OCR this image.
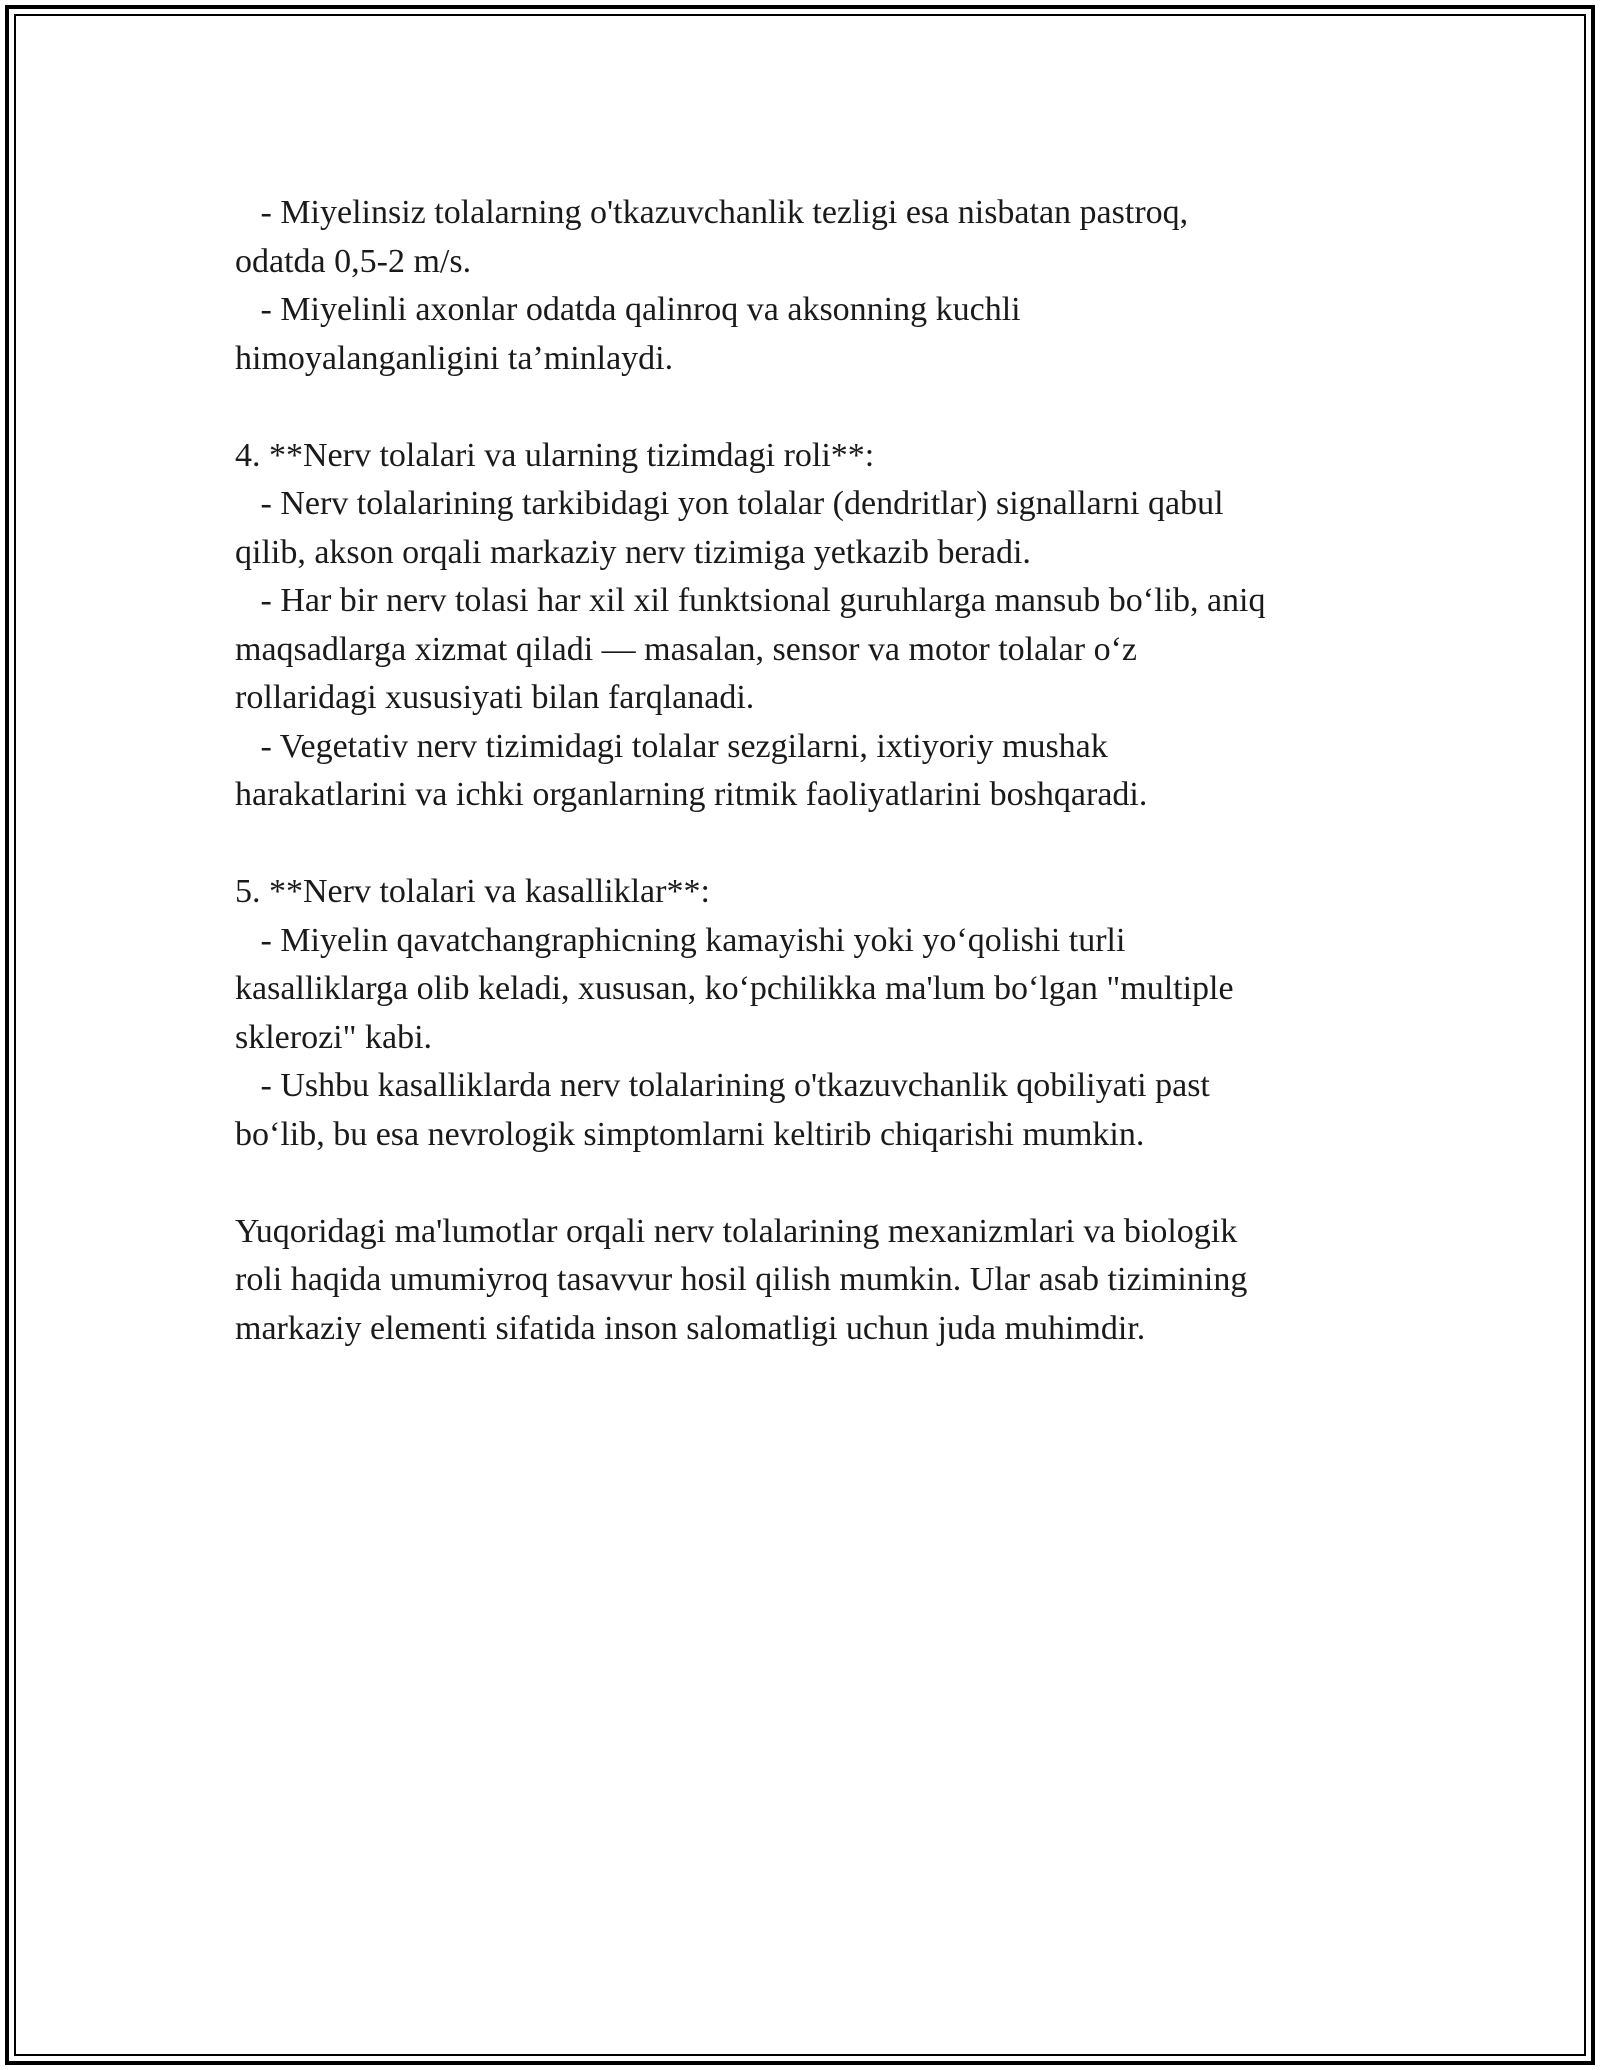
- Miyelinsiz tolalarning o'tkazuvchanlik tezligi esa nisbatan pastroq,
odatda 0,5-2 m/s.
- Miyelinli axonlar odatda qalinroq va aksonning kuchli
himoyalanganligini ta’minlaydi.
4. **Nerv tolalari va ularning tizimdagi roli**:
- Nerv tolalarining tarkibidagi yon tolalar (dendritlar) signallarni qabul
qilib, akson orqali markaziy nerv tizimiga yetkazib beradi.
- Har bir nerv tolasi har xil xil funktsional guruhlarga mansub bo‘lib, aniq
maqsadlarga xizmat qiladi — masalan, sensor va motor tolalar o‘z
rollaridagi xususiyati bilan farqlanadi.
- Vegetativ nerv tizimidagi tolalar sezgilarni, ixtiyoriy mushak
harakatlarini va ichki organlarning ritmik faoliyatlarini boshqaradi.
5. **Nerv tolalari va kasalliklar**:
- Miyelin qavatchangraphicning kamayishi yoki yo‘qolishi turli
kasalliklarga olib keladi, xususan, ko‘pchilikka ma'lum bo‘lgan "multiple
sklerozi" kabi.
- Ushbu kasalliklarda nerv tolalarining o'tkazuvchanlik qobiliyati past
bo‘lib, bu esa nevrologik simptomlarni keltirib chiqarishi mumkin.
Yuqoridagi ma'lumotlar orqali nerv tolalarining mexanizmlari va biologik
roli haqida umumiyroq tasavvur hosil qilish mumkin. Ular asab tizimining
markaziy elementi sifatida inson salomatligi uchun juda muhimdir.
